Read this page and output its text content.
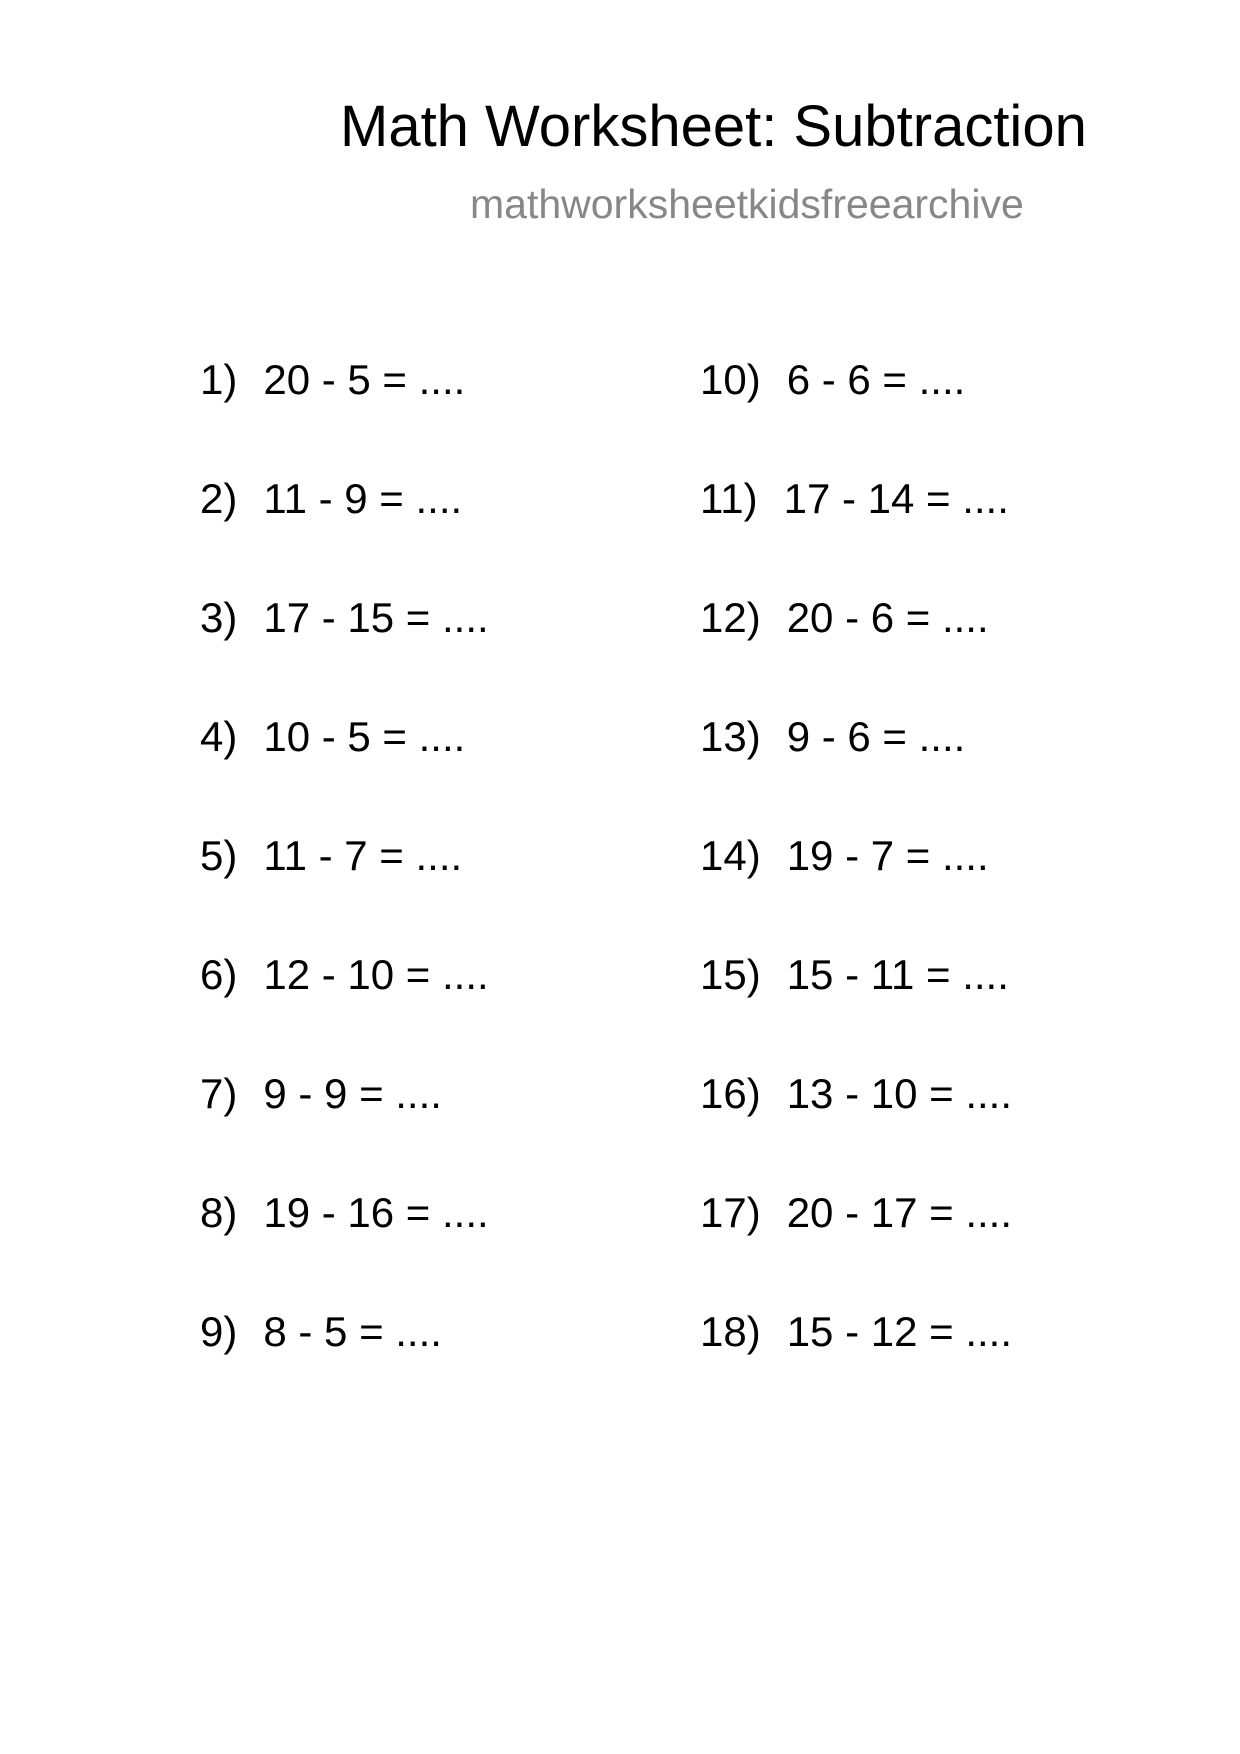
Math Worksheet: Subtraction
mathworksheetkidsfreearchive
1) 20 - 5 = ....
2) 11 - 9 = ....
3) 17 - 15 = ....
4) 10 - 5 = ....
5) 11 - 7 = ....
6) 12 - 10 = ....
7) 9 - 9 = ....
8) 19 - 16 = ....
9) 8 - 5 = ....
10) 6 - 6 = ....
11) 17 - 14 = ....
12) 20 - 6 = ....
13) 9 - 6 = ....
14) 19 - 7 = ....
15) 15 - 11 = ....
16) 13 - 10 = ....
17) 20 - 17 = ....
18) 15 - 12 = ....
